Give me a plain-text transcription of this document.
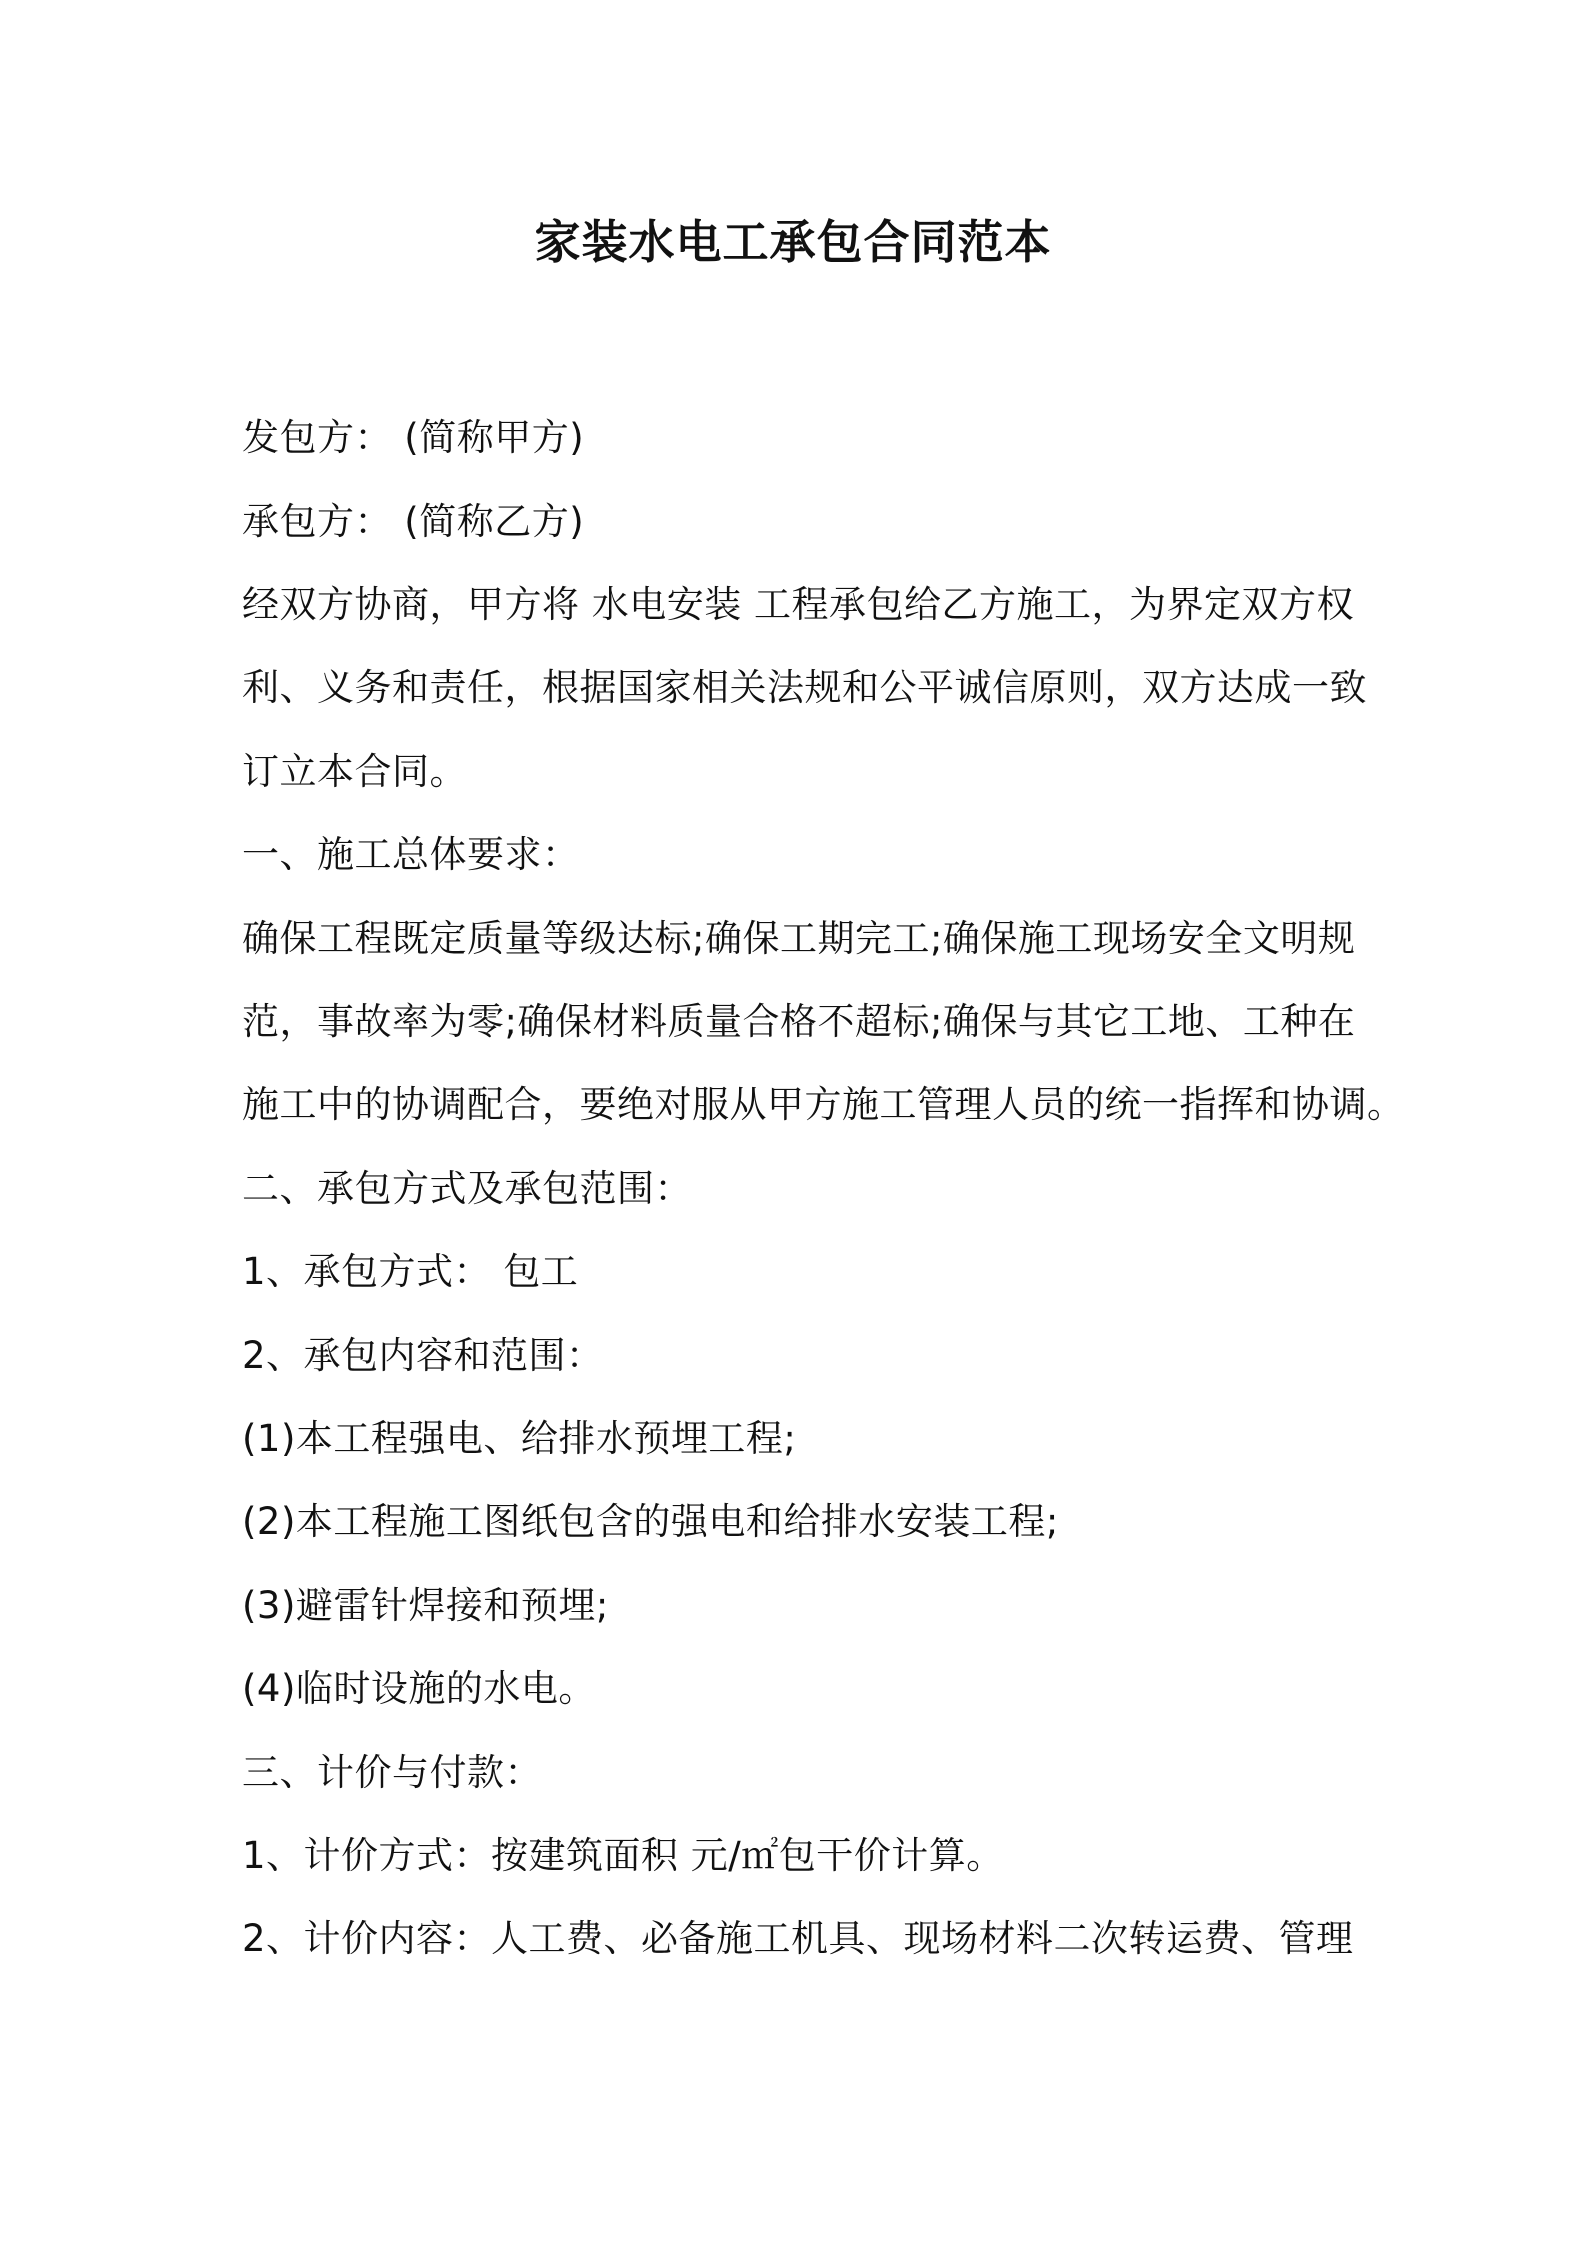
家装水电工承包合同范本
发包方： (简称甲方)
承包方： (简称乙方)
经双方协商，甲方将 水电安装 工程承包给乙方施工，为界定双方权
利、义务和责任，根据国家相关法规和公平诚信原则，双方达成一致
订立本合同。
一、施工总体要求：
确保工程既定质量等级达标;确保工期完工;确保施工现场安全文明规
范，事故率为零;确保材料质量合格不超标;确保与其它工地、工种在
施工中的协调配合，要绝对服从甲方施工管理人员的统一指挥和协调。
二、承包方式及承包范围：
1、承包方式： 包工
2、承包内容和范围：
(1)本工程强电、给排水预埋工程;
(2)本工程施工图纸包含的强电和给排水安装工程;
(3)避雷针焊接和预埋;
(4)临时设施的水电。
三、计价与付款：
1、计价方式：按建筑面积 元/㎡包干价计算。
2、计价内容：人工费、必备施工机具、现场材料二次转运费、管理
